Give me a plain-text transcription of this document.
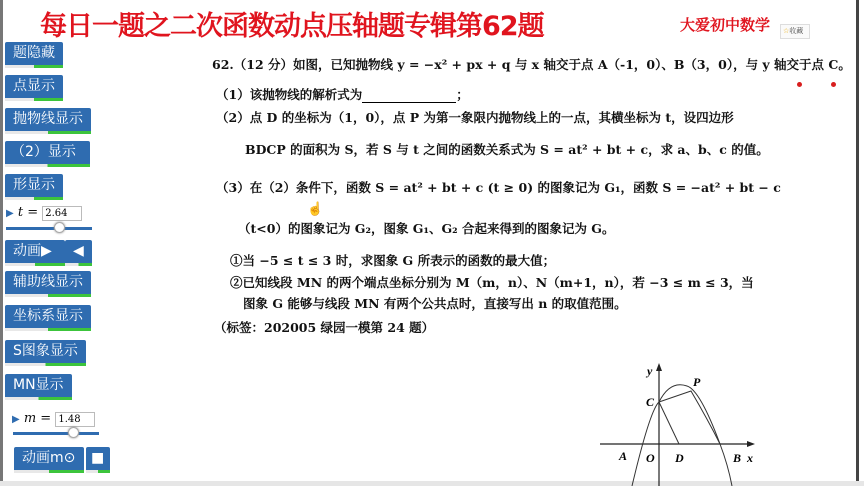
每日一题之二次函数动点压轴题专辑第62题	大爱初中数学	☆收藏
题隐藏
点显示
抛物线显示
（2）显示
形显示
▶ t = 2.64
动画▶	◀
辅助线显示
坐标系显示
S图象显示
MN显示
▶ m = 1.48
动画m⊙	■
62.（12 分）如图，已知抛物线 y = −x² + px + q 与 x 轴交于点 A（-1，0）、B（3，0），与 y 轴交于点 C。
（1）该抛物线的解析式为	；
（2）点 D 的坐标为（1，0），点 P 为第一象限内抛物线上的一点，其横坐标为 t，设四边形
BDCP 的面积为 S，若 S 与 t 之间的函数关系式为 S = at² + bt + c，求 a、b、c 的值。
（3）在（2）条件下，函数 S = at² + bt + c (t ≥ 0) 的图象记为 G₁，函数 S = −at² + bt − c
☝
（t<0）的图象记为 G₂，图象 G₁、G₂ 合起来得到的图象记为 G。
①当 −5 ≤ t ≤ 3 时，求图象 G 所表示的函数的最大值；
②已知线段 MN 的两个端点坐标分别为 M（m，n）、N（m+1，n），若 −3 ≤ m ≤ 3，当
图象 G 能够与线段 MN 有两个公共点时，直接写出 n 的取值范围。
（标签：202005 绿园一模第 24 题）
y
x
C
P
A O D	B
